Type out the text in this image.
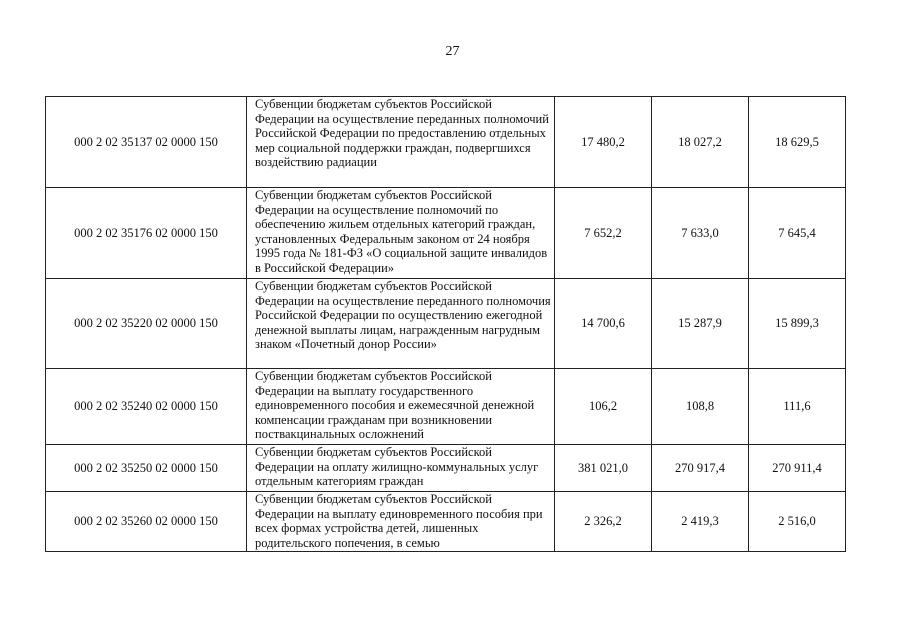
27
000 2 02 35137 02 0000 150	Субвенции бюджетам субъектов Российской Федерации на осуществление переданных полномочий Российской Федерации по предоставлению отдельных мер социальной поддержки граждан, подвергшихся воздействию радиации	17 480,2	18 027,2	18 629,5
000 2 02 35176 02 0000 150	Субвенции бюджетам субъектов Российской Федерации на осуществление полномочий по обеспечению жильем отдельных категорий граждан, установленных Федеральным законом от 24 ноября 1995 года № 181-ФЗ «О социальной защите инвалидов в Российской Федерации»	7 652,2	7 633,0	7 645,4
000 2 02 35220 02 0000 150	Субвенции бюджетам субъектов Российской Федерации на осуществление переданного полномочия Российской Федерации по осуществлению ежегодной денежной выплаты лицам, награжденным нагрудным знаком «Почетный донор России»	14 700,6	15 287,9	15 899,3
000 2 02 35240 02 0000 150	Субвенции бюджетам субъектов Российской Федерации на выплату государственного единовременного пособия и ежемесячной денежной компенсации гражданам при возникновении поствакцинальных осложнений	106,2	108,8	111,6
000 2 02 35250 02 0000 150	Субвенции бюджетам субъектов Российской Федерации на оплату жилищно-коммунальных услуг отдельным категориям граждан	381 021,0	270 917,4	270 911,4
000 2 02 35260 02 0000 150	Субвенции бюджетам субъектов Российской Федерации на выплату единовременного пособия при всех формах устройства детей, лишенных родительского попечения, в семью	2 326,2	2 419,3	2 516,0
